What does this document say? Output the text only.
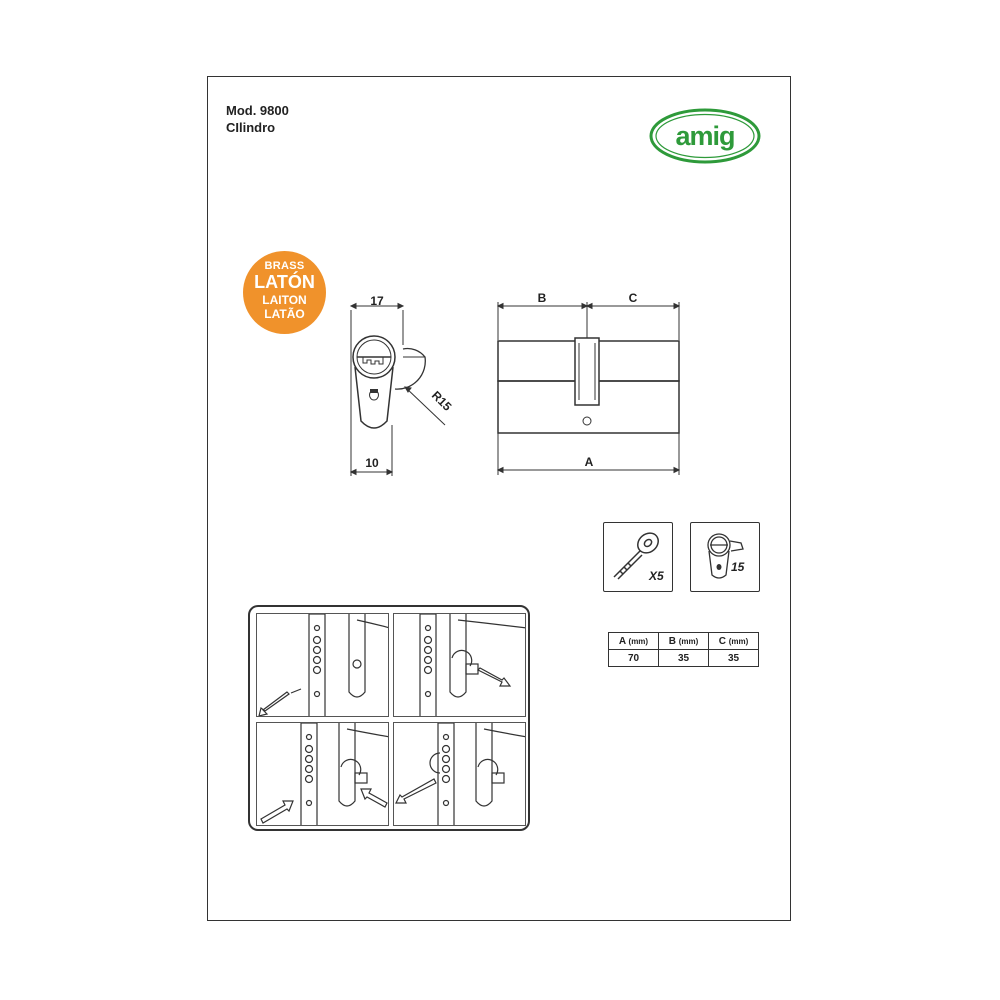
Mod. 9800
CIlindro	amig
BRASS
LATÓN
LAITON
LATÃO
17
10
R15
B	C
A
X5
15
A (mm)	B (mm)	C (mm)
70	35	35
